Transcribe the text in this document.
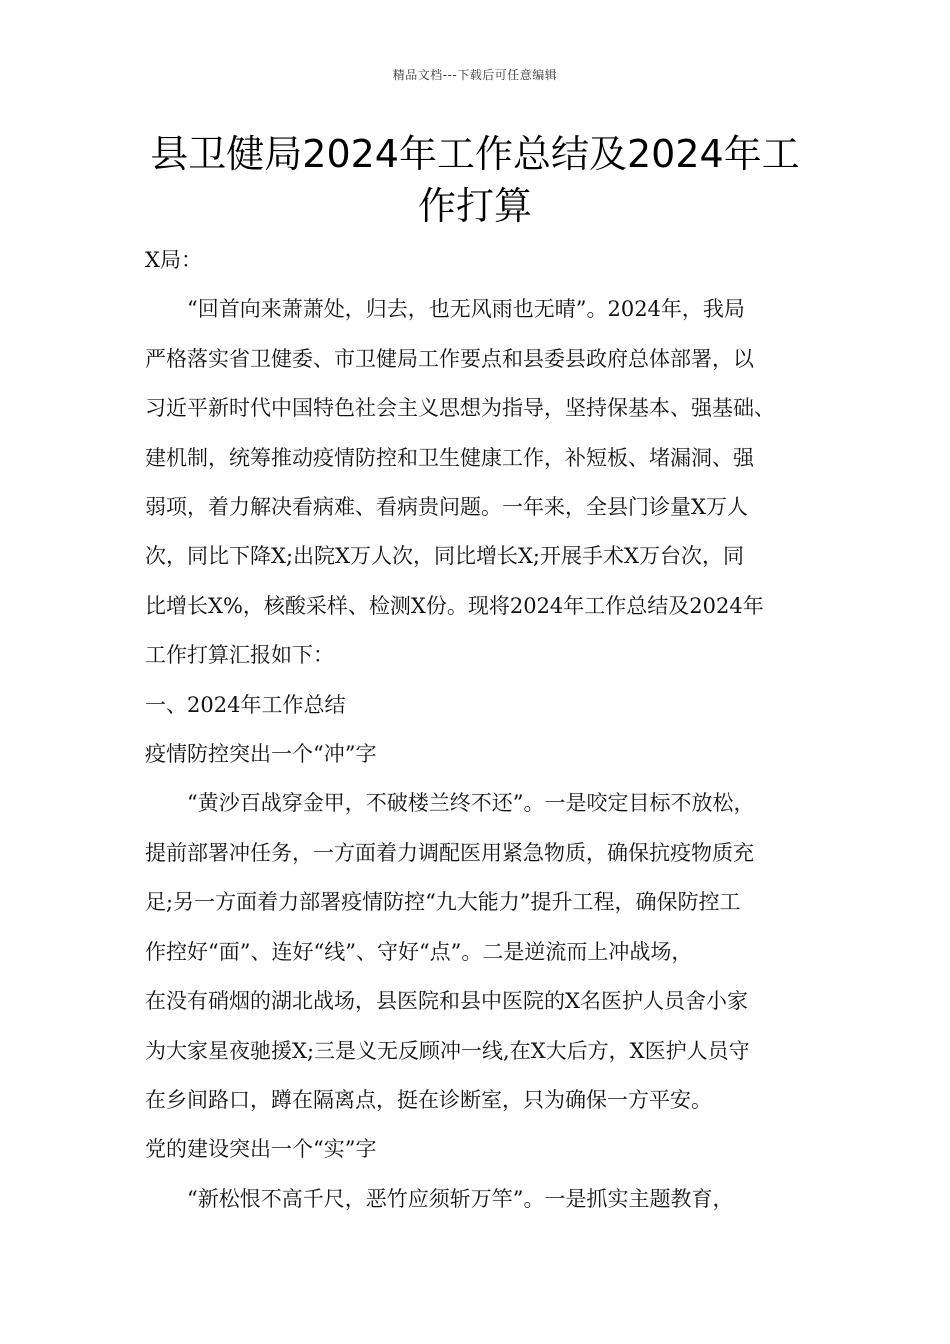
精品文档---下载后可任意编辑
县卫健局2024年工作总结及2024年工
作打算

X局：

“回首向来萧萧处，归去，也无风雨也无晴”。2024年，我局

严格落实省卫健委、市卫健局工作要点和县委县政府总体部署，以

习近平新时代中国特色社会主义思想为指导，坚持保基本、强基础、

建机制，统筹推动疫情防控和卫生健康工作，补短板、堵漏洞、强

弱项，着力解决看病难、看病贵问题。一年来，全县门诊量X万人

次，同比下降X;出院X万人次，同比增长X;开展手术X万台次，同

比增长X%，核酸采样、检测X份。现将2024年工作总结及2024年

工作打算汇报如下：

一、2024年工作总结

疫情防控突出一个“冲”字

“黄沙百战穿金甲，不破楼兰终不还”。一是咬定目标不放松，

提前部署冲任务，一方面着力调配医用紧急物质，确保抗疫物质充

足;另一方面着力部署疫情防控“九大能力”提升工程，确保防控工

作控好“面”、连好“线”、守好“点”。二是逆流而上冲战场，

在没有硝烟的湖北战场，县医院和县中医院的X名医护人员舍小家

为大家星夜驰援X;三是义无反顾冲一线,在X大后方，X医护人员守

在乡间路口，蹲在隔离点，挺在诊断室，只为确保一方平安。

党的建设突出一个“实”字

“新松恨不高千尺，恶竹应须斩万竿”。一是抓实主题教育，
